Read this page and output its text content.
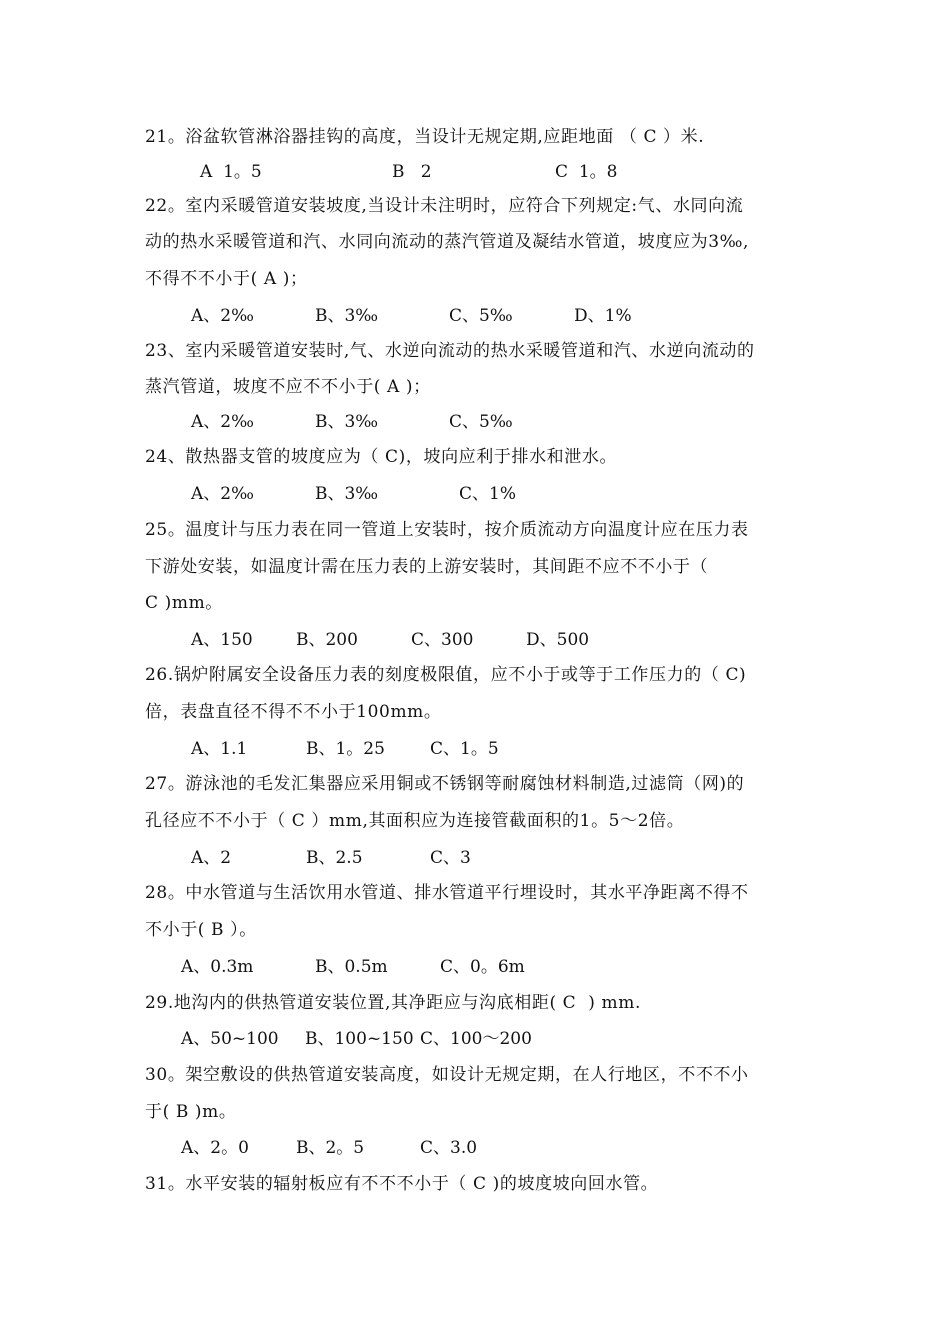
21。浴盆软管淋浴器挂钩的高度，当设计无规定期,应距地面 （ C ）米.

A  1。5

	B   2

	C  1。8

22。室内采暖管道安装坡度,当设计未注明时，应符合下列规定:气、水同向流
动的热水采暖管道和汽、水同向流动的蒸汽管道及凝结水管道，坡度应为3‰,
不得不不小于( A )；

A、2‰

	B、3‰

	C、5‰

	D、1%

23、室内采暖管道安装时,气、水逆向流动的热水采暖管道和汽、水逆向流动的
蒸汽管道，坡度不应不不小于( A )；

A、2‰

	B、3‰

	C、5‰

24、散热器支管的坡度应为（ C)，坡向应利于排水和泄水。

A、2‰

	B、3‰

	C、1%

25。温度计与压力表在同一管道上安装时，按介质流动方向温度计应在压力表
下游处安装，如温度计需在压力表的上游安装时，其间距不应不不小于（
C )mm。

A、150

	B、200

	C、300

	D、500

26.锅炉附属安全设备压力表的刻度极限值，应不小于或等于工作压力的（ C)
倍，表盘直径不得不不小于100mm。

A、1.1

	B、1。25

	C、1。5

27。游泳池的毛发汇集器应采用铜或不锈钢等耐腐蚀材料制造,过滤筒（网)的
孔径应不不小于（ C ）mm,其面积应为连接管截面积的1。5～2倍。

A、2

	B、2.5

	C、3

28。中水管道与生活饮用水管道、排水管道平行埋设时，其水平净距离不得不
不小于( B ）。

A、0.3m

	B、0.5m

	C、0。6m

29.地沟内的供热管道安装位置,其净距应与沟底相距( C  ) mm.

A、50~100

B、100~150

C、100～200

30。架空敷设的供热管道安装高度，如设计无规定期，在人行地区，不不不小
于( B )m。

A、2。0

	B、2。5

	C、3.0

31。水平安装的辐射板应有不不不小于（ C )的坡度坡向回水管。
